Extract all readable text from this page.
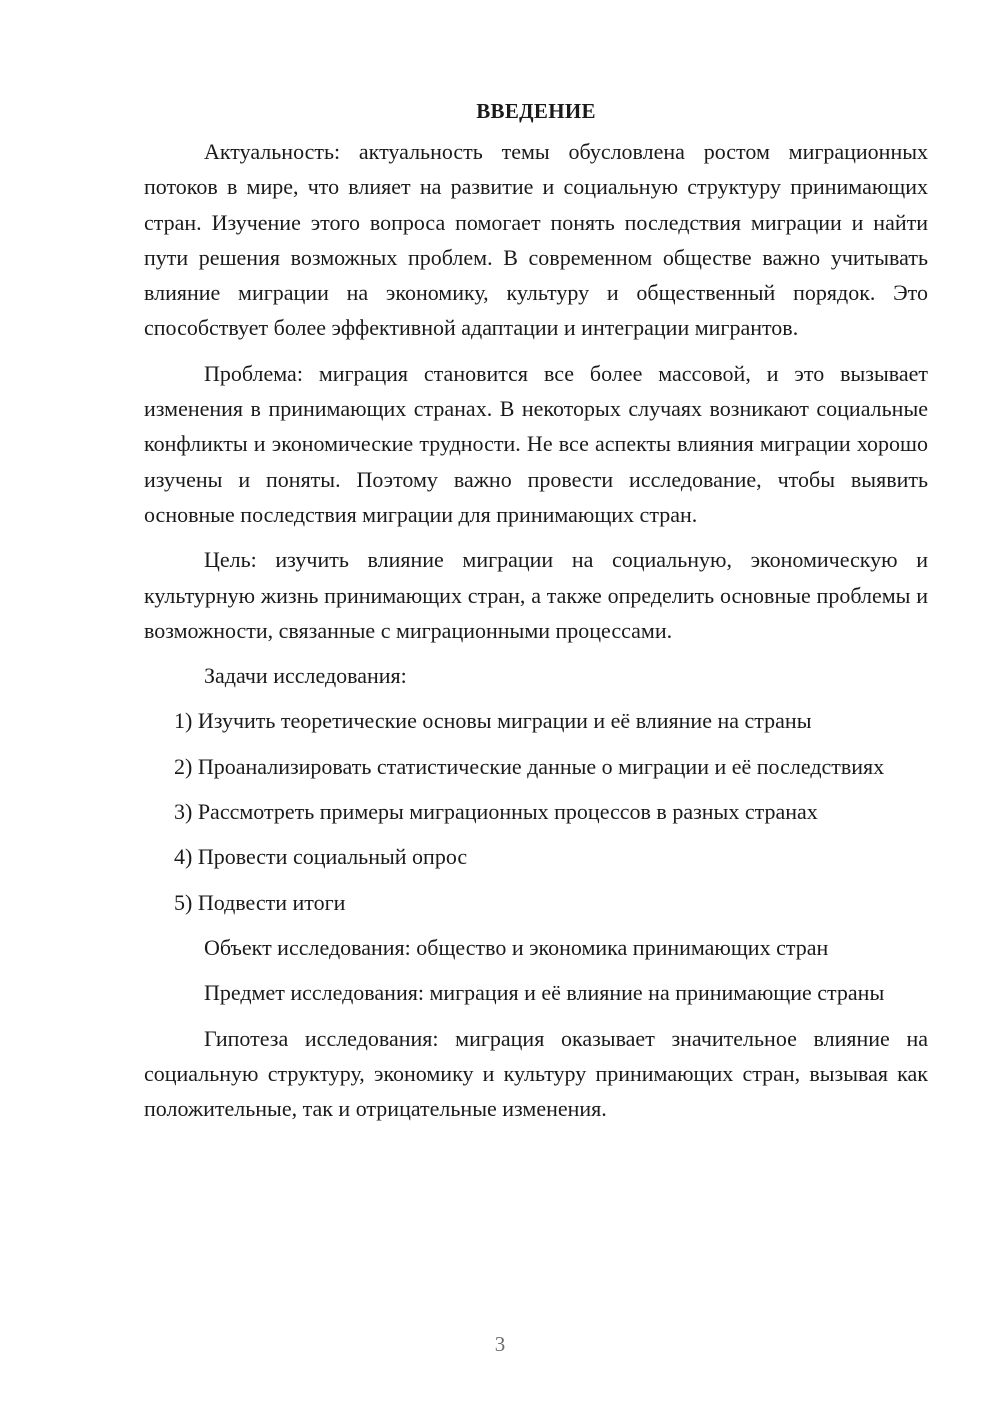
ВВЕДЕНИЕ

Актуальность: актуальность темы обусловлена ростом миграционных потоков в мире, что влияет на развитие и социальную структуру принимающих стран. Изучение этого вопроса помогает понять последствия миграции и найти пути решения возможных проблем. В современном обществе важно учитывать влияние миграции на экономику, культуру и общественный порядок. Это способствует более эффективной адаптации и интеграции мигрантов.

Проблема: миграция становится все более массовой, и это вызывает изменения в принимающих странах. В некоторых случаях возникают социальные конфликты и экономические трудности. Не все аспекты влияния миграции хорошо изучены и поняты. Поэтому важно провести исследование, чтобы выявить основные последствия миграции для принимающих стран.

Цель: изучить влияние миграции на социальную, экономическую и культурную жизнь принимающих стран, а также определить основные проблемы и возможности, связанные с миграционными процессами.

Задачи исследования:

1) Изучить теоретические основы миграции и её влияние на страны

2) Проанализировать статистические данные о миграции и её последствиях

3) Рассмотреть примеры миграционных процессов в разных странах

4) Провести социальный опрос

5) Подвести итоги

Объект исследования: общество и экономика принимающих стран

Предмет исследования: миграция и её влияние на принимающие страны

Гипотеза исследования: миграция оказывает значительное влияние на социальную структуру, экономику и культуру принимающих стран, вызывая как положительные, так и отрицательные изменения.

3
